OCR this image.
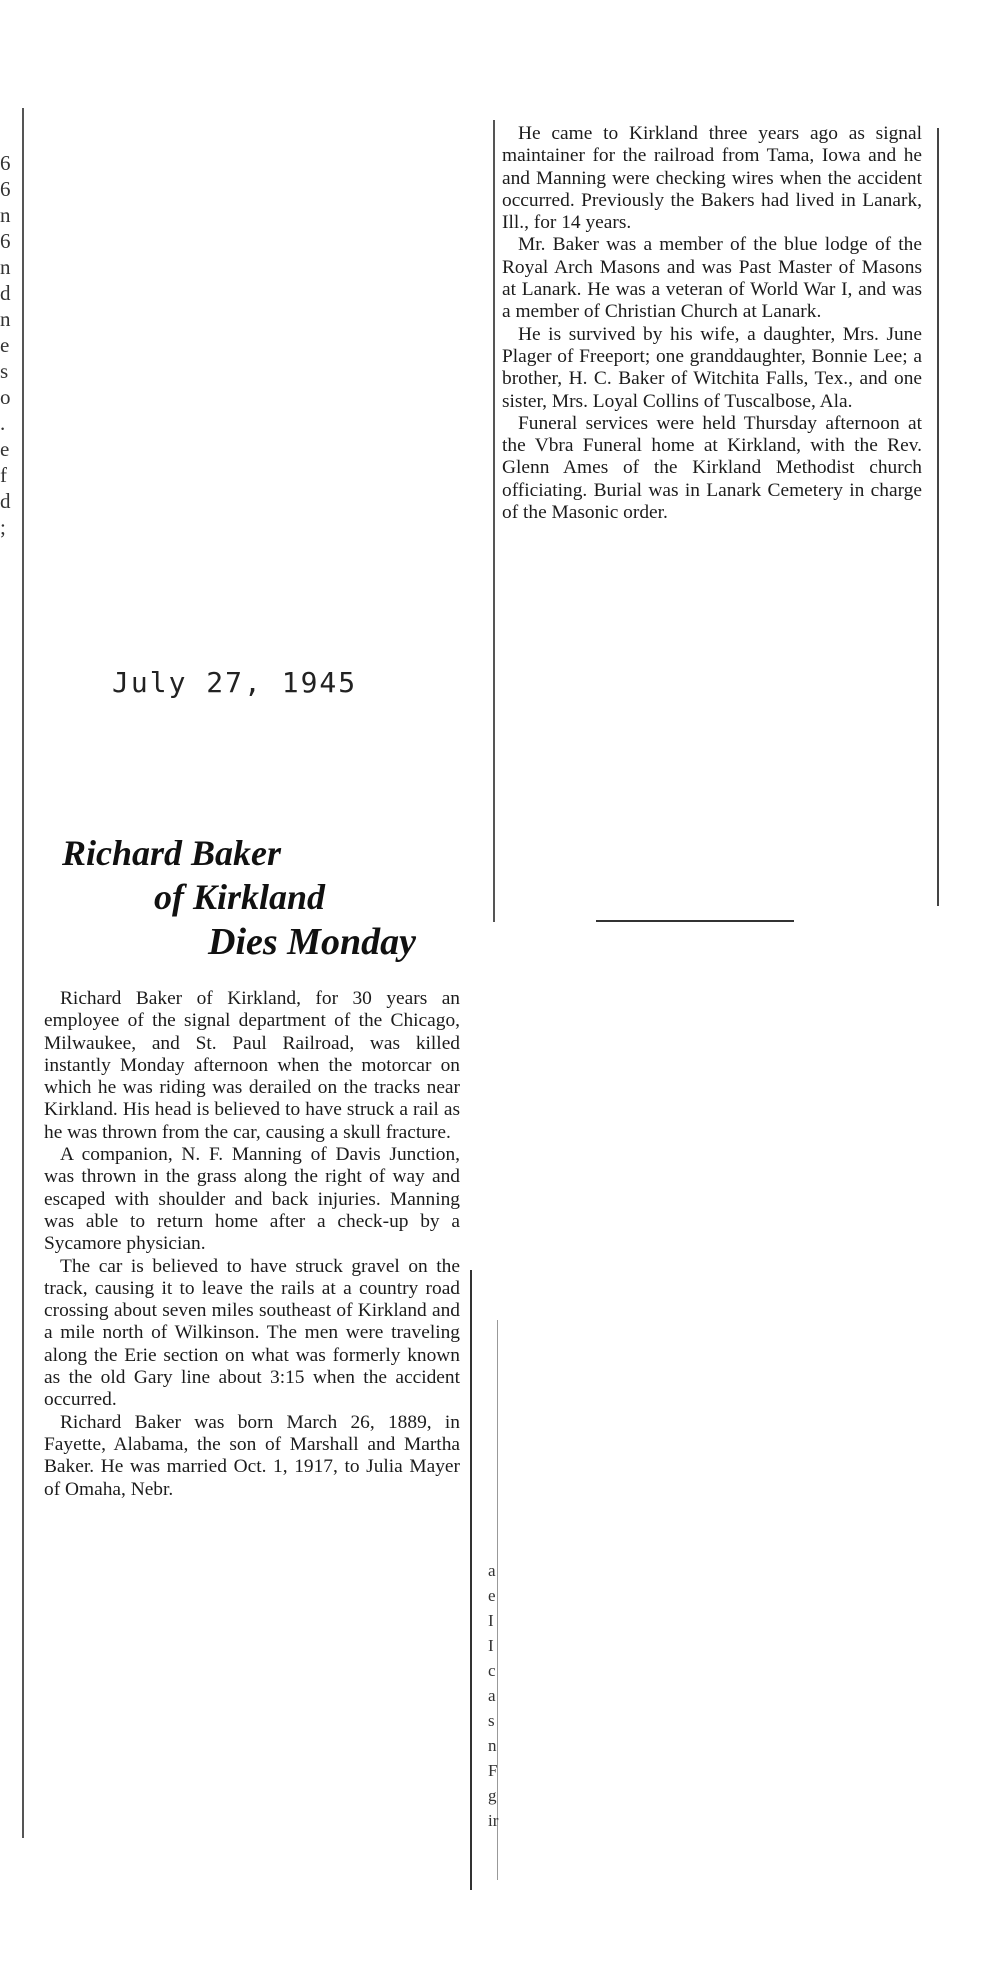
6
6
n
6
n
d
n
e
s
o
.
e
f
d
;
July 27, 1945
Richard Baker
of Kirkland
Dies Monday

Richard Baker of Kirkland, for 30 years an employee of the signal department of the Chicago, Milwaukee, and St. Paul Railroad, was killed instantly Monday afternoon when the motorcar on which he was riding was derailed on the tracks near Kirkland. His head is believed to have struck a rail as he was thrown from the car, causing a skull fracture.

A companion, N. F. Manning of Davis Junction, was thrown in the grass along the right of way and escaped with shoulder and back injuries. Manning was able to return home after a check-up by a Sycamore physician.

The car is believed to have struck gravel on the track, causing it to leave the rails at a country road crossing about seven miles southeast of Kirkland and a mile north of Wilkinson. The men were traveling along the Erie section on what was formerly known as the old Gary line about 3:15 when the accident occurred.

Richard Baker was born March 26, 1889, in Fayette, Alabama, the son of Marshall and Martha Baker. He was married Oct. 1, 1917, to Julia Mayer of Omaha, Nebr.

He came to Kirkland three years ago as signal maintainer for the railroad from Tama, Iowa and he and Manning were checking wires when the accident occurred. Previously the Bakers had lived in Lanark, Ill., for 14 years.

Mr. Baker was a member of the blue lodge of the Royal Arch Masons and was Past Master of Masons at Lanark. He was a veteran of World War I, and was a member of Christian Church at Lanark.

He is survived by his wife, a daughter, Mrs. June Plager of Freeport; one granddaughter, Bonnie Lee; a brother, H. C. Baker of Witchita Falls, Tex., and one sister, Mrs. Loyal Collins of Tuscalbose, Ala.

Funeral services were held Thursday afternoon at the Vbra Funeral home at Kirkland, with the Rev. Glenn Ames of the Kirkland Methodist church officiating. Burial was in Lanark Cemetery in charge of the Masonic order.

a
e
I
I
c
a
s
n
F
g
ir
